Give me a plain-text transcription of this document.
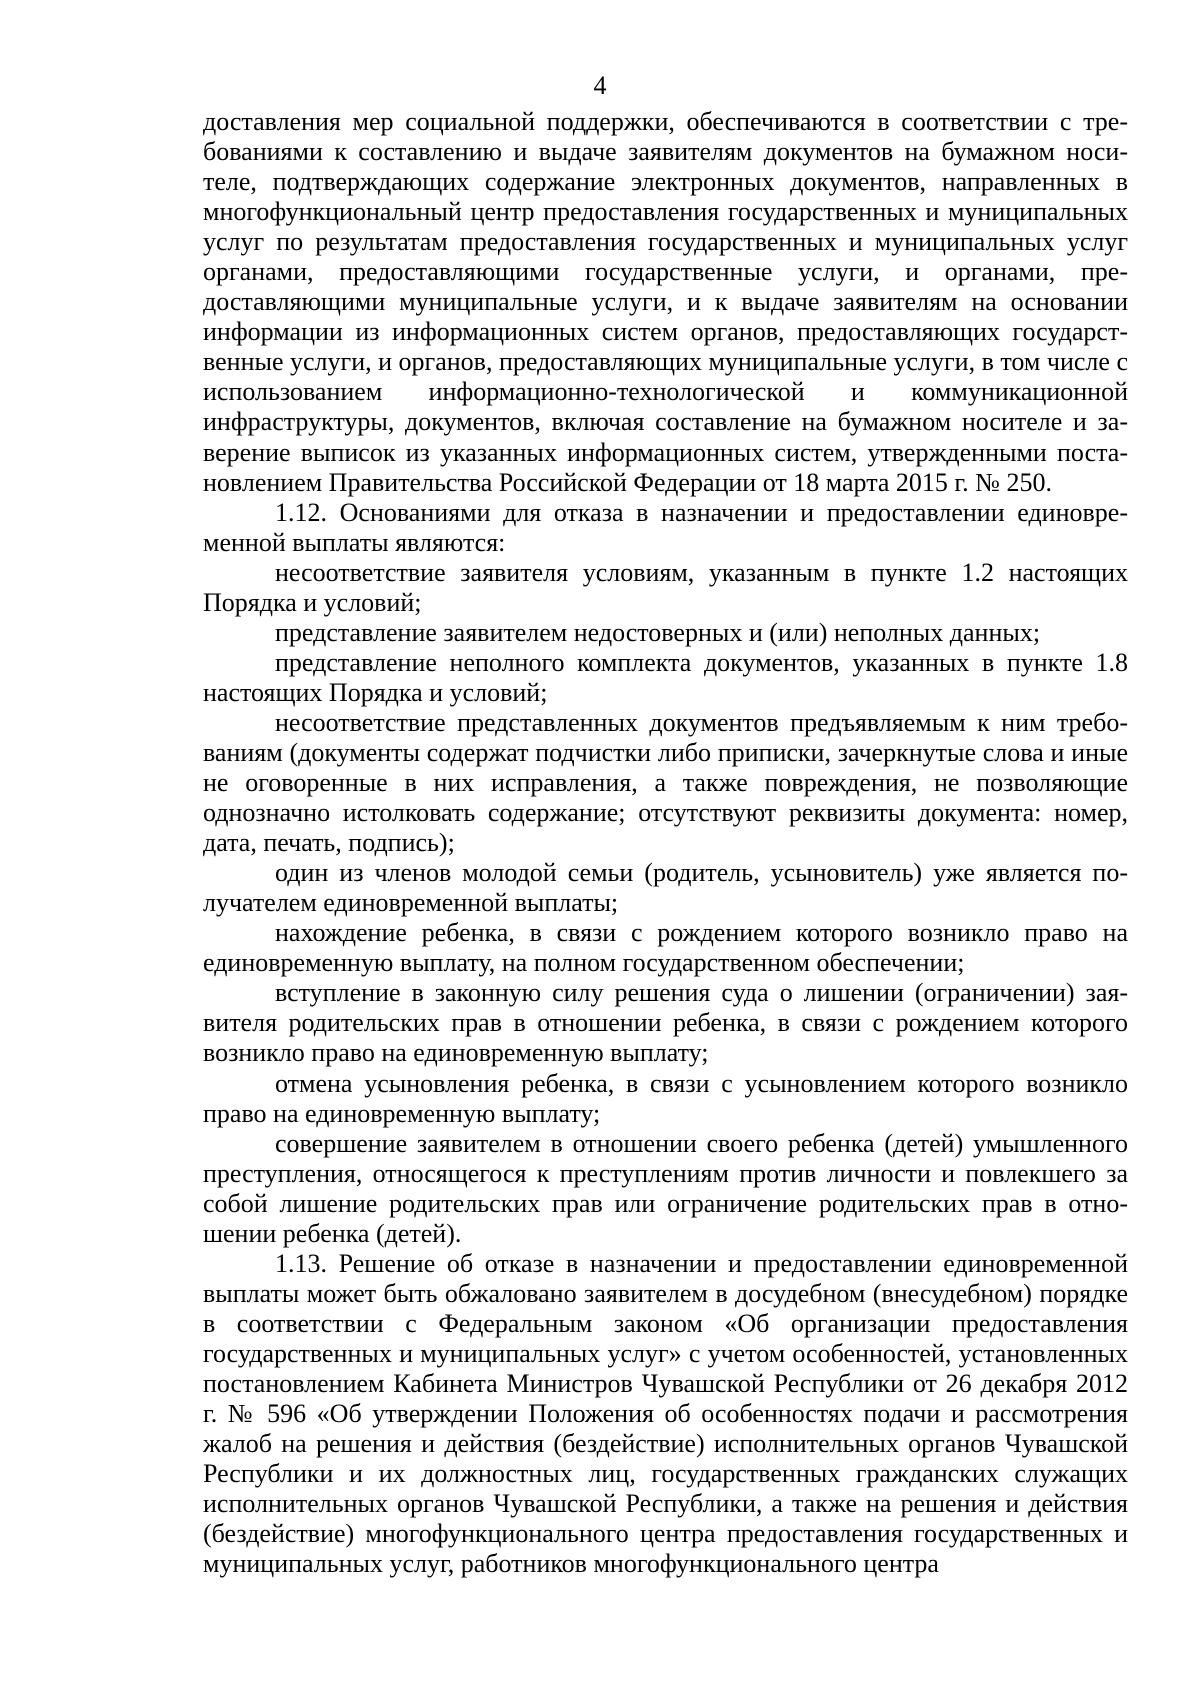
4

доставления мер социальной поддержки, обеспечиваются в соответствии с требованиями к составлению и выдаче заявителям документов на бумажном носителе, подтверждающих содержание электронных документов, направленных в многофункциональный центр предоставления государственных и муниципальных услуг по результатам предоставления государственных и муниципальных услуг органами, предоставляющими государственные услуги, и органами, предоставляющими муниципальные услуги, и к выдаче заявителям на основании информации из информационных систем органов, предоставляющих государственные услуги, и органов, предоставляющих муниципальные услуги, в том числе с использованием информационно-технологической и коммуникационной инфраструктуры, документов, включая составление на бумажном носителе и заверение выписок из указанных информационных систем, утвержденными постановлением Правительства Российской Федерации от 18 марта 2015 г. № 250.

1.12. Основаниями для отказа в назначении и предоставлении единовременной выплаты являются:

несоответствие заявителя условиям, указанным в пункте 1.2 настоящих Порядка и условий;

представление заявителем недостоверных и (или) неполных данных;

представление неполного комплекта документов, указанных в пункте 1.8 настоящих Порядка и условий;

несоответствие представленных документов предъявляемым к ним требованиям (документы содержат подчистки либо приписки, зачеркнутые слова и иные не оговоренные в них исправления, а также повреждения, не позволяющие однозначно истолковать содержание; отсутствуют реквизиты документа: номер, дата, печать, подпись);

один из членов молодой семьи (родитель, усыновитель) уже является получателем единовременной выплаты;

нахождение ребенка, в связи с рождением которого возникло право на единовременную выплату, на полном государственном обеспечении;

вступление в законную силу решения суда о лишении (ограничении) заявителя родительских прав в отношении ребенка, в связи с рождением которого возникло право на единовременную выплату;

отмена усыновления ребенка, в связи с усыновлением которого возникло право на единовременную выплату;

совершение заявителем в отношении своего ребенка (детей) умышленного преступления, относящегося к преступлениям против личности и повлекшего за собой лишение родительских прав или ограничение родительских прав в отношении ребенка (детей).

1.13. Решение об отказе в назначении и предоставлении единовременной выплаты может быть обжаловано заявителем в досудебном (внесудебном) порядке в соответствии с Федеральным законом «Об организации предоставления государственных и муниципальных услуг» с учетом особенностей, установленных постановлением Кабинета Министров Чувашской Республики от 26 декабря 2012 г. № 596 «Об утверждении Положения об особенностях подачи и рассмотрения жалоб на решения и действия (бездействие) исполнительных органов Чувашской Республики и их должностных лиц, государственных гражданских служащих исполнительных органов Чувашской Республики, а также на решения и действия (бездействие) многофункционального центра предоставления государственных и муниципальных услуг, работников многофункционального центра
